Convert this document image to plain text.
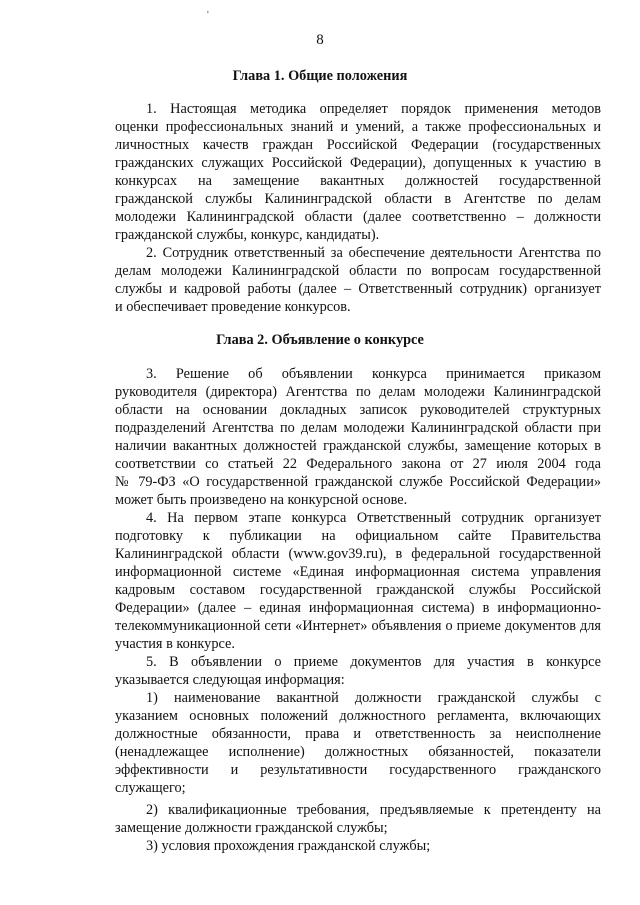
'
8
Глава 1. Общие положения
1. Настоящая методика определяет порядок применения методов
оценки профессиональных знаний и умений, а также профессиональных и
личностных качеств граждан Российской Федерации (государственных
гражданских служащих Российской Федерации), допущенных к участию в
конкурсах на замещение вакантных должностей государственной
гражданской службы Калининградской области в Агентстве по делам
молодежи Калининградской области (далее соответственно – должности
гражданской службы, конкурс, кандидаты).
2. Сотрудник ответственный за обеспечение деятельности Агентства по
делам молодежи Калининградской области по вопросам государственной
службы и кадровой работы (далее – Ответственный сотрудник) организует
и обеспечивает проведение конкурсов.
Глава 2. Объявление о конкурсе
3. Решение об объявлении конкурса принимается приказом
руководителя (директора) Агентства по делам молодежи Калининградской
области на основании докладных записок руководителей структурных
подразделений Агентства по делам молодежи Калининградской области при
наличии вакантных должностей гражданской службы, замещение которых в
соответствии со статьей 22 Федерального закона от 27 июля 2004 года
№ 79-ФЗ «О государственной гражданской службе Российской Федерации»
может быть произведено на конкурсной основе.
4. На первом этапе конкурса Ответственный сотрудник организует
подготовку к публикации на официальном сайте Правительства
Калининградской области (www.gov39.ru), в федеральной государственной
информационной системе «Единая информационная система управления
кадровым составом государственной гражданской службы Российской
Федерации» (далее – единая информационная система) в информационно-
телекоммуникационной сети «Интернет» объявления о приеме документов для
участия в конкурсе.
5. В объявлении о приеме документов для участия в конкурсе
указывается следующая информация:
1) наименование вакантной должности гражданской службы с
указанием основных положений должностного регламента, включающих
должностные обязанности, права и ответственность за неисполнение
(ненадлежащее исполнение) должностных обязанностей, показатели
эффективности и результативности государственного гражданского
служащего;
2) квалификационные требования, предъявляемые к претенденту на
замещение должности гражданской службы;
3) условия прохождения гражданской службы;
